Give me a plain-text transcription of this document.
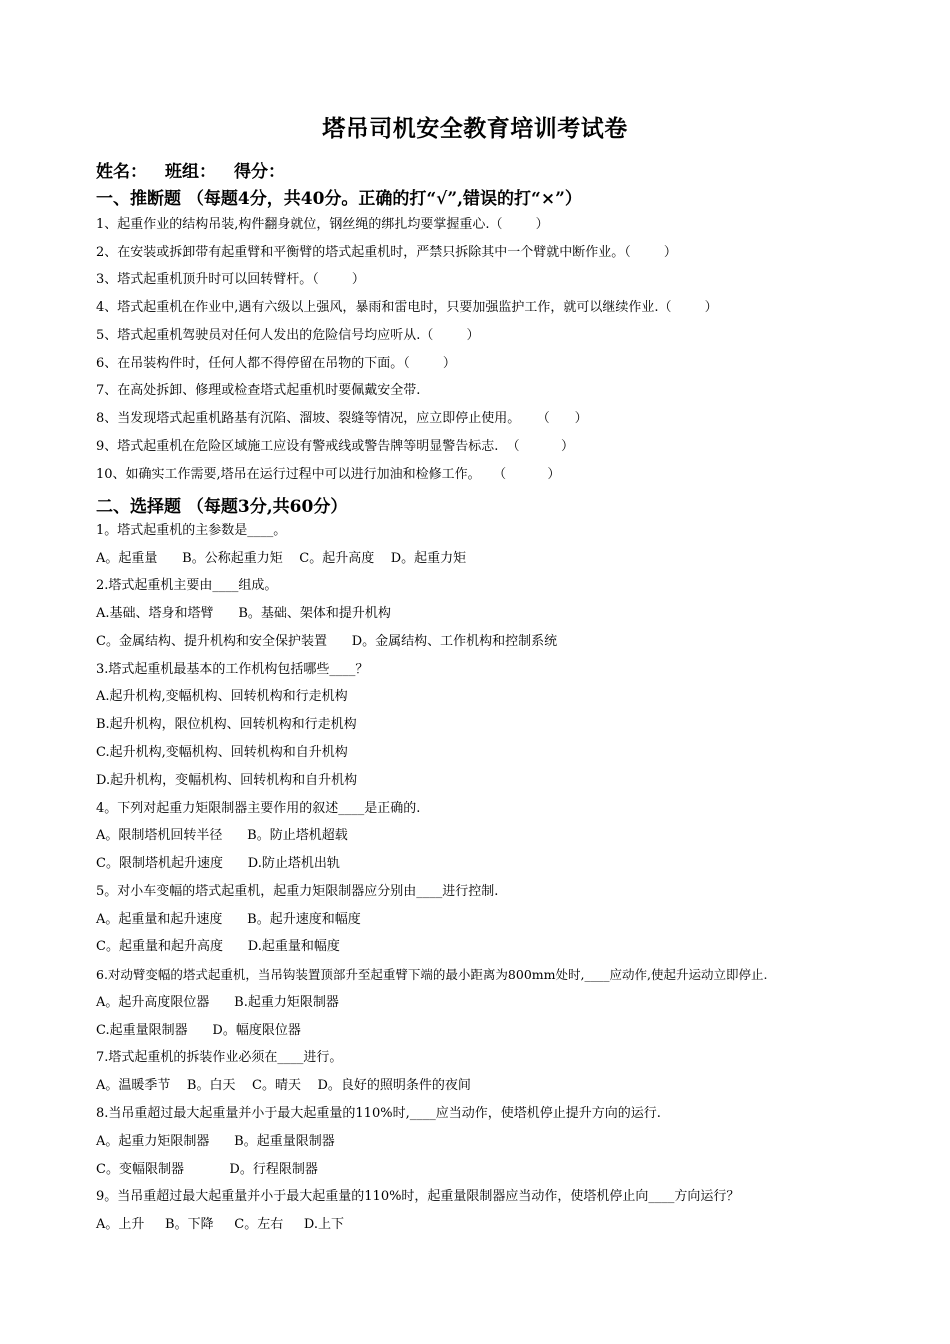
塔吊司机安全教育培训考试卷
姓名： 班组： 得分：
一、推断题 （每题4分，共40分。正确的打“√”,错误的打“×”）
1、起重作业的结构吊装,构件翻身就位，钢丝绳的绑扎均要掌握重心.（        ）
2、在安装或拆卸带有起重臂和平衡臂的塔式起重机时，严禁只拆除其中一个臂就中断作业。（        ）
3、塔式起重机顶升时可以回转臂杆。（        ）
4、塔式起重机在作业中,遇有六级以上强风，暴雨和雷电时，只要加强监护工作，就可以继续作业.（        ）
5、塔式起重机驾驶员对任何人发出的危险信号均应听从.（        ）
6、在吊装构件时，任何人都不得停留在吊物的下面。（        ）
7、在高处拆卸、修理或检查塔式起重机时要佩戴安全带.
8、当发现塔式起重机路基有沉陷、溜坡、裂缝等情况，应立即停止使用。    （      ）
9、塔式起重机在危险区域施工应设有警戒线或警告牌等明显警告标志.  （          ）
10、如确实工作需要,塔吊在运行过程中可以进行加油和检修工作。   （          ）
二、选择题 （每题3分,共60分）
1。塔式起重机的主参数是____。
A。起重量      B。公称起重力矩    C。起升高度    D。起重力矩
2.塔式起重机主要由____组成。
A.基础、塔身和塔臂      B。基础、架体和提升机构
C。金属结构、提升机构和安全保护装置      D。金属结构、工作机构和控制系统
3.塔式起重机最基本的工作机构包括哪些____？
A.起升机构,变幅机构、回转机构和行走机构
B.起升机构，限位机构、回转机构和行走机构
C.起升机构,变幅机构、回转机构和自升机构
D.起升机构，变幅机构、回转机构和自升机构
4。下列对起重力矩限制器主要作用的叙述____是正确的.
A。限制塔机回转半径      B。防止塔机超载
C。限制塔机起升速度      D.防止塔机出轨
5。对小车变幅的塔式起重机，起重力矩限制器应分别由____进行控制.
A。起重量和起升速度      B。起升速度和幅度
C。起重量和起升高度      D.起重量和幅度
6.对动臂变幅的塔式起重机，当吊钩装置顶部升至起重臂下端的最小距离为800mm处时,____应动作,使起升运动立即停止.
A。起升高度限位器      B.起重力矩限制器
C.起重量限制器      D。幅度限位器
7.塔式起重机的拆装作业必须在____进行。
A。温暖季节    B。白天    C。晴天    D。良好的照明条件的夜间
8.当吊重超过最大起重量并小于最大起重量的110%时,____应当动作，使塔机停止提升方向的运行.
A。起重力矩限制器      B。起重量限制器
C。变幅限制器           D。行程限制器
9。当吊重超过最大起重量并小于最大起重量的110%时，起重量限制器应当动作，使塔机停止向____方向运行？
A。上升     B。下降     C。左右     D.上下
